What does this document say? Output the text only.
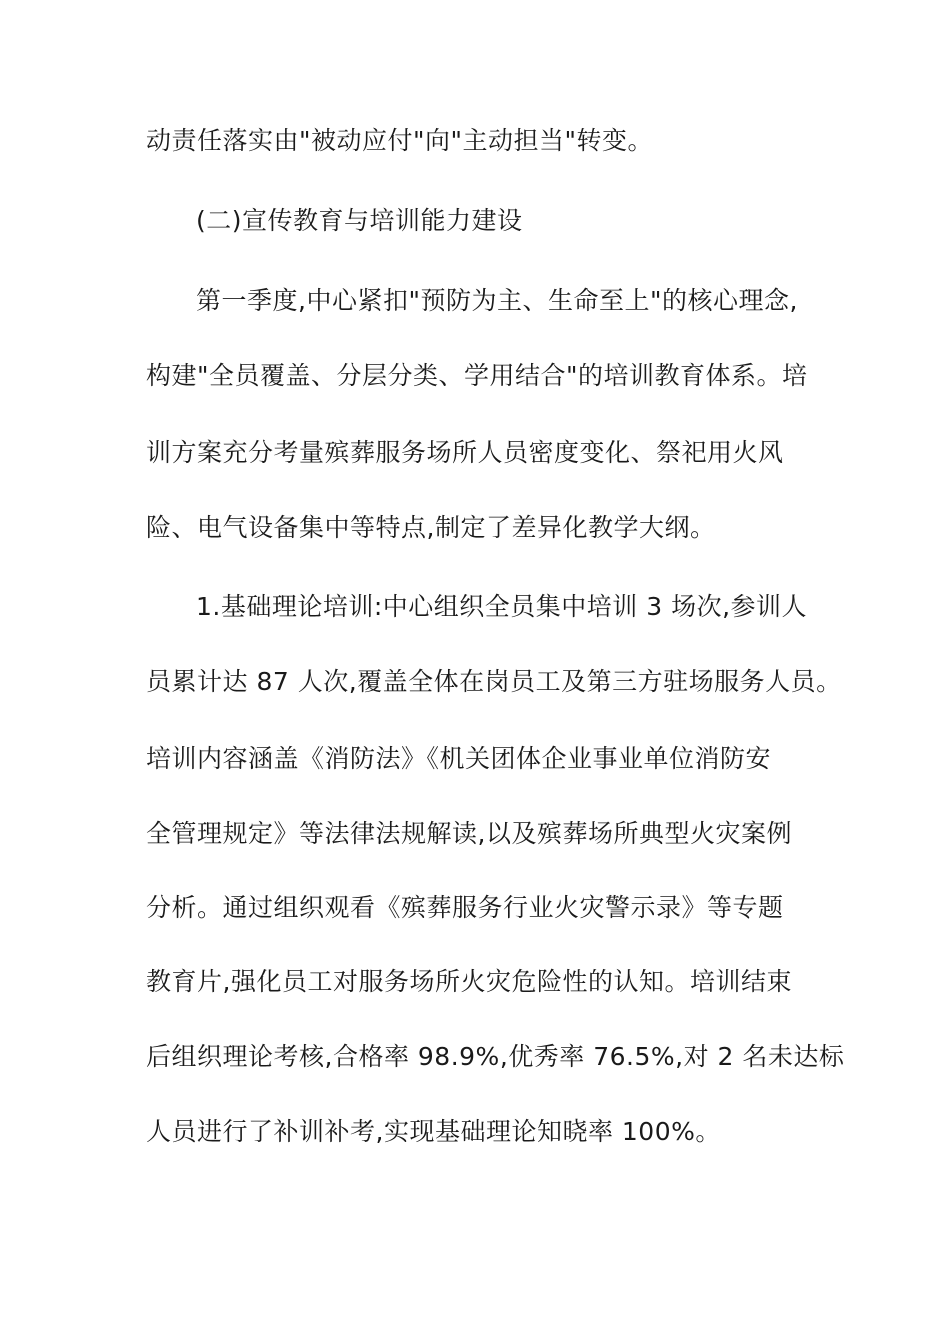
动责任落实由"被动应付"向"主动担当"转变。
(二)宣传教育与培训能力建设
第一季度,中心紧扣"预防为主、生命至上"的核心理念,
构建"全员覆盖、分层分类、学用结合"的培训教育体系。培
训方案充分考量殡葬服务场所人员密度变化、祭祀用火风
险、电气设备集中等特点,制定了差异化教学大纲。
1.基础理论培训:中心组织全员集中培训 3 场次,参训人
员累计达 87 人次,覆盖全体在岗员工及第三方驻场服务人员。
培训内容涵盖《消防法》《机关团体企业事业单位消防安
全管理规定》等法律法规解读,以及殡葬场所典型火灾案例
分析。通过组织观看《殡葬服务行业火灾警示录》等专题
教育片,强化员工对服务场所火灾危险性的认知。培训结束
后组织理论考核,合格率 98.9%,优秀率 76.5%,对 2 名未达标
人员进行了补训补考,实现基础理论知晓率 100%。
